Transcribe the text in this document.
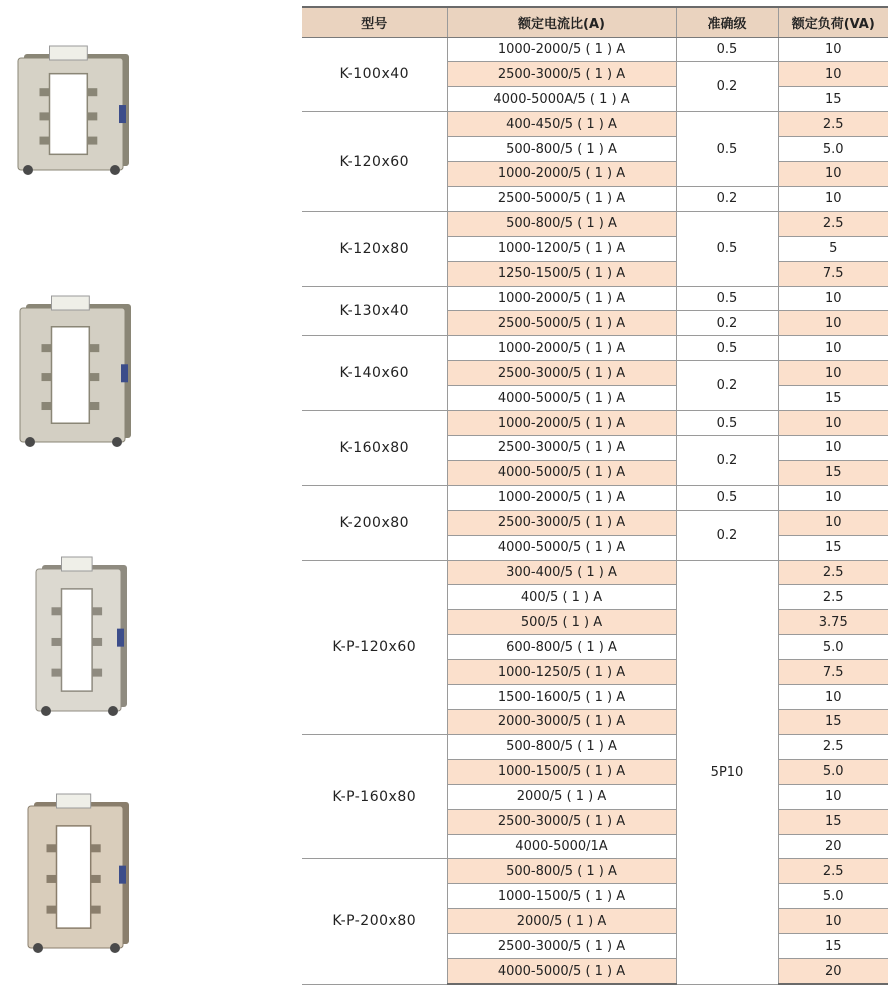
型号	额定电流比(A)	准确级	额定负荷(VA)
K-100x40	1000-2000/5 ( 1 ) A	0.5	10
	2500-3000/5 ( 1 ) A	0.2	10
	4000-5000A/5 ( 1 ) A		15
K-120x60	400-450/5 ( 1 ) A	0.5	2.5
	500-800/5 ( 1 ) A		5.0
	1000-2000/5 ( 1 ) A		10
	2500-5000/5 ( 1 ) A	0.2	10
K-120x80	500-800/5 ( 1 ) A	0.5	2.5
	1000-1200/5 ( 1 ) A		5
	1250-1500/5 ( 1 ) A		7.5
K-130x40	1000-2000/5 ( 1 ) A	0.5	10
	2500-5000/5 ( 1 ) A	0.2	10
K-140x60	1000-2000/5 ( 1 ) A	0.5	10
	2500-3000/5 ( 1 ) A	0.2	10
	4000-5000/5 ( 1 ) A		15
K-160x80	1000-2000/5 ( 1 ) A	0.5	10
	2500-3000/5 ( 1 ) A	0.2	10
	4000-5000/5 ( 1 ) A		15
K-200x80	1000-2000/5 ( 1 ) A	0.5	10
	2500-3000/5 ( 1 ) A	0.2	10
	4000-5000/5 ( 1 ) A		15
K-P-120x60	300-400/5 ( 1 ) A	5P10	2.5
	400/5 ( 1 ) A		2.5
	500/5 ( 1 ) A		3.75
	600-800/5 ( 1 ) A		5.0
	1000-1250/5 ( 1 ) A		7.5
	1500-1600/5 ( 1 ) A		10
	2000-3000/5 ( 1 ) A		15
K-P-160x80	500-800/5 ( 1 ) A		2.5
	1000-1500/5 ( 1 ) A		5.0
	2000/5 ( 1 ) A		10
	2500-3000/5 ( 1 ) A		15
	4000-5000/1A		20
K-P-200x80	500-800/5 ( 1 ) A		2.5
	1000-1500/5 ( 1 ) A		5.0
	2000/5 ( 1 ) A		10
	2500-3000/5 ( 1 ) A		15
	4000-5000/5 ( 1 ) A		20
